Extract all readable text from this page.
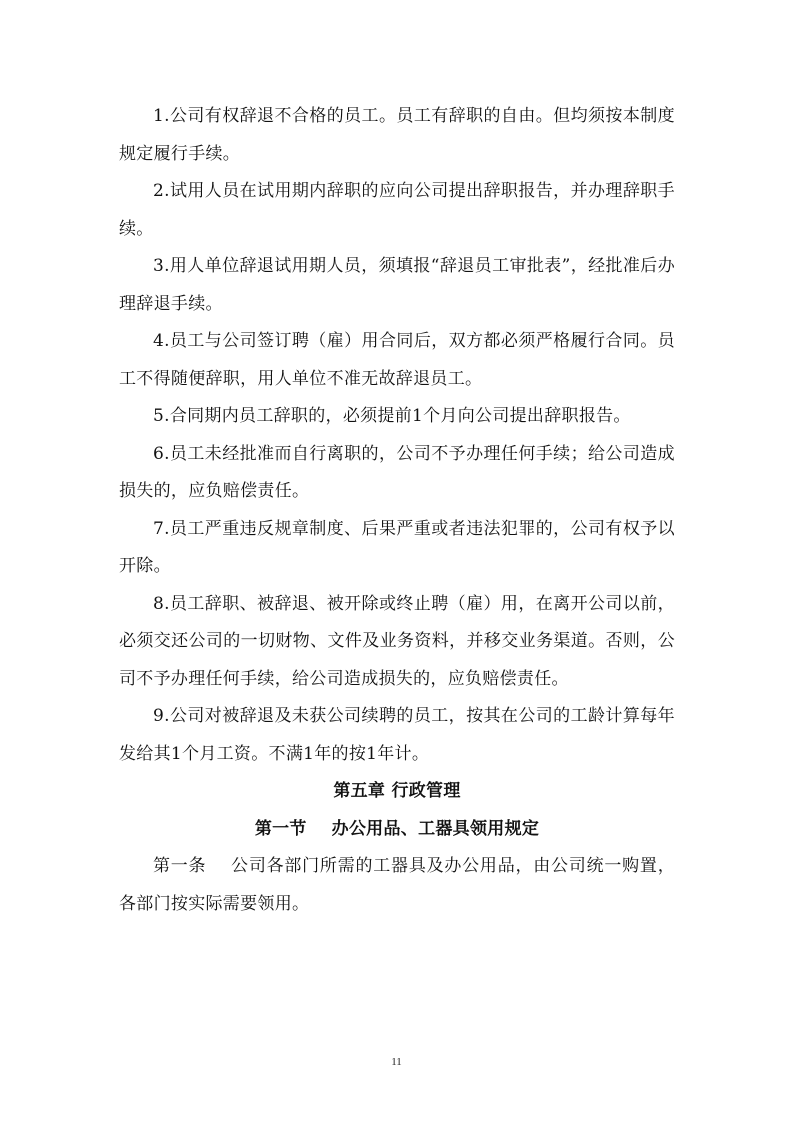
1.公司有权辞退不合格的员工。员工有辞职的自由。但均须按本制度规定履行手续。

2.试用人员在试用期内辞职的应向公司提出辞职报告，并办理辞职手续。

3.用人单位辞退试用期人员，须填报“辞退员工审批表”，经批准后办理辞退手续。

4.员工与公司签订聘（雇）用合同后，双方都必须严格履行合同。员工不得随便辞职，用人单位不准无故辞退员工。

5.合同期内员工辞职的，必须提前1个月向公司提出辞职报告。

6.员工未经批准而自行离职的，公司不予办理任何手续；给公司造成损失的，应负赔偿责任。

7.员工严重违反规章制度、后果严重或者违法犯罪的，公司有权予以开除。

8.员工辞职、被辞退、被开除或终止聘（雇）用，在离开公司以前，必须交还公司的一切财物、文件及业务资料，并移交业务渠道。否则，公司不予办理任何手续，给公司造成损失的，应负赔偿责任。

9.公司对被辞退及未获公司续聘的员工，按其在公司的工龄计算每年发给其1个月工资。不满1年的按1年计。

第五章 行政管理

第一节    办公用品、工器具领用规定

第一条    公司各部门所需的工器具及办公用品，由公司统一购置，各部门按实际需要领用。

11
